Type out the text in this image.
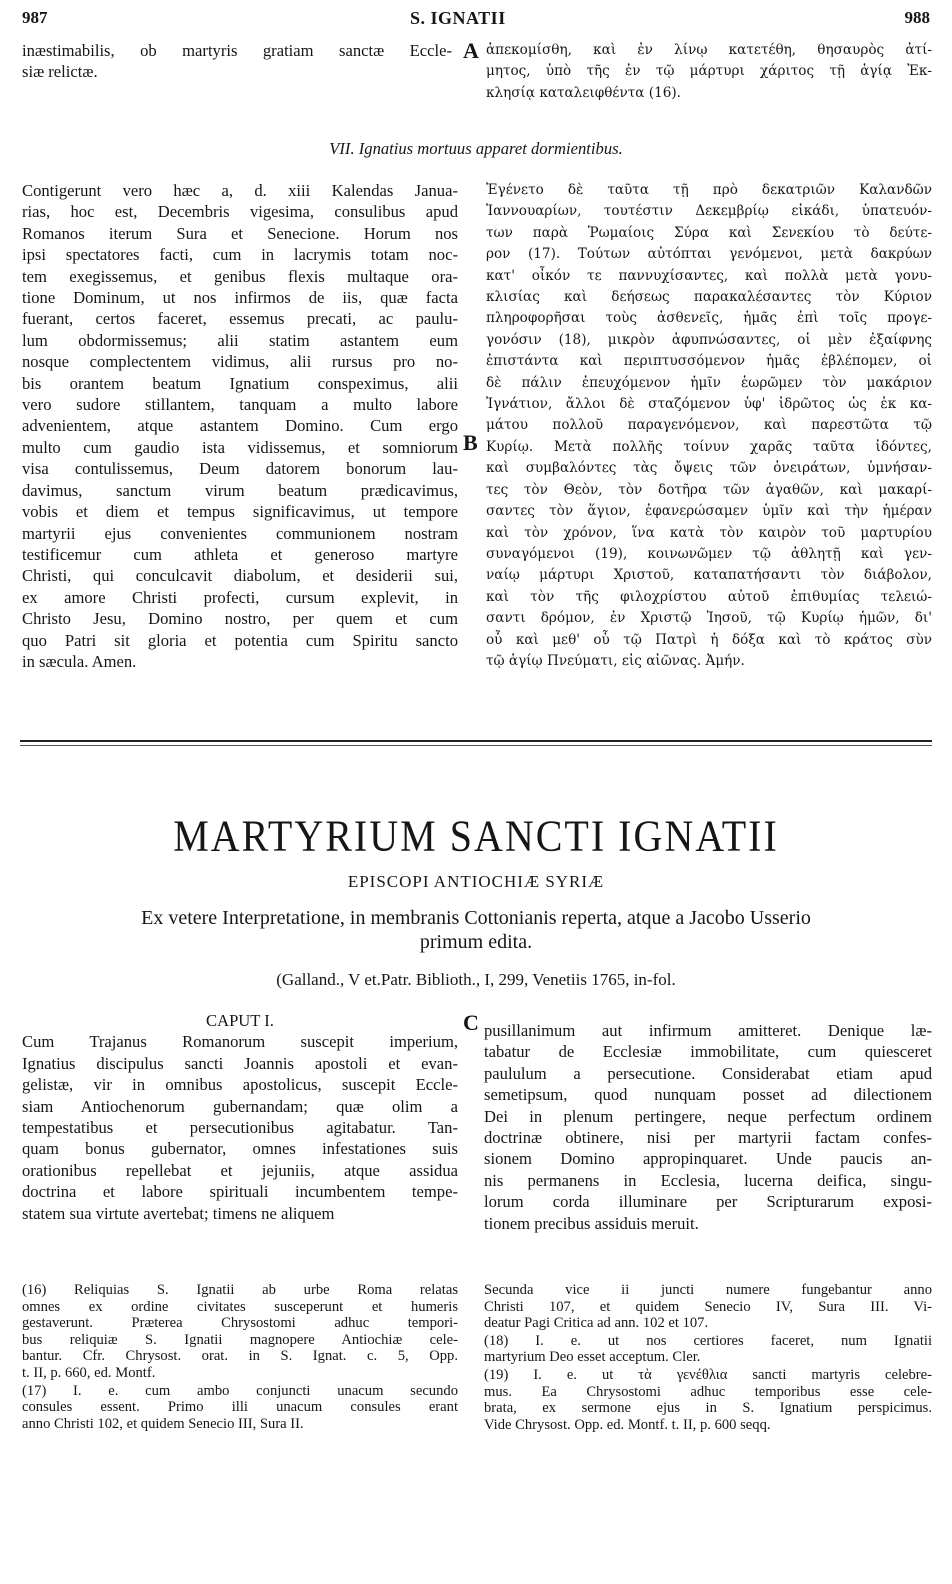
987	S. IGNATII	988
inæstimabilis, ob martyris gratiam sanctæ Eccle-
siæ relictæ.
A ἀπεκομίσθη, καὶ ἐν λίνῳ κατετέθη, θησαυρὸς ἀτί-
μητος, ὑπὸ τῆς ἐν τῷ μάρτυρι χάριτος τῇ ἁγίᾳ Ἐκ-
κλησίᾳ καταλειφθέντα (16).
VII. Ignatius mortuus apparet dormientibus.
Contigerunt vero hæc a, d. xiii Kalendas Janua-
rias, hoc est, Decembris vigesima, consulibus apud
Romanos iterum Sura et Senecione. Horum nos
ipsi spectatores facti, cum in lacrymis totam noc-
tem exegissemus, et genibus flexis multaque ora-
tione Dominum, ut nos infirmos de iis, quæ facta
fuerant, certos faceret, essemus precati, ac paulu-
lum obdormissemus; alii statim astantem eum
nosque complectentem vidimus, alii rursus pro no-
bis orantem beatum Ignatium conspeximus, alii
vero sudore stillantem, tanquam a multo labore
advenientem, atque astantem Domino. Cum ergo
multo cum gaudio ista vidissemus, et somniorum
visa contulissemus, Deum datorem bonorum lau-
davimus, sanctum virum beatum prædicavimus,
vobis et diem et tempus significavimus, ut tempore
martyrii ejus convenientes communionem nostram
testificemur cum athleta et generoso martyre
Christi, qui conculcavit diabolum, et desiderii sui,
ex amore Christi profecti, cursum explevit, in
Christo Jesu, Domino nostro, per quem et cum
quo Patri sit gloria et potentia cum Spiritu sancto
in sæcula. Amen.
B
Ἐγένετο δὲ ταῦτα τῇ πρὸ δεκατριῶν Καλανδῶν
Ἰαννουαρίων, τουτέστιν Δεκεμβρίῳ εἰκάδι, ὑπατευόν-
των παρὰ Ῥωμαίοις Σύρα καὶ Σενεκίου τὸ δεύτε-
ρον (17). Τούτων αὐτόπται γενόμενοι, μετὰ δακρύων
κατ' οἶκόν τε παννυχίσαντες, καὶ πολλὰ μετὰ γονυ-
κλισίας καὶ δεήσεως παρακαλέσαντες τὸν Κύριον
πληροφορῆσαι τοὺς ἀσθενεῖς, ἡμᾶς ἐπὶ τοῖς προγε-
γονόσιν (18), μικρὸν ἀφυπνώσαντες, οἱ μὲν ἐξαίφνης
ἐπιστάντα καὶ περιπτυσσόμενον ἡμᾶς ἐβλέπομεν, οἱ
δὲ πάλιν ἐπευχόμενον ἡμῖν ἑωρῶμεν τὸν μακάριον
Ἰγνάτιον, ἄλλοι δὲ σταζόμενον ὑφ' ἱδρῶτος ὡς ἐκ κα-
μάτου πολλοῦ παραγενόμενον, καὶ παρεστῶτα τῷ
Κυρίῳ. Μετὰ πολλῆς τοίνυν χαρᾶς ταῦτα ἰδόντες,
καὶ συμβαλόντες τὰς ὄψεις τῶν ὀνειράτων, ὑμνήσαν-
τες τὸν Θεὸν, τὸν δοτῆρα τῶν ἀγαθῶν, καὶ μακαρί-
σαντες τὸν ἅγιον, ἐφανερώσαμεν ὑμῖν καὶ τὴν ἡμέραν
καὶ τὸν χρόνον, ἵνα κατὰ τὸν καιρὸν τοῦ μαρτυρίου
συναγόμενοι (19), κοινωνῶμεν τῷ ἀθλητῇ καὶ γεν-
ναίῳ μάρτυρι Χριστοῦ, καταπατήσαντι τὸν διάβολον,
καὶ τὸν τῆς φιλοχρίστου αὐτοῦ ἐπιθυμίας τελειώ-
σαντι δρόμον, ἐν Χριστῷ Ἰησοῦ, τῷ Κυρίῳ ἡμῶν, δι'
οὗ καὶ μεθ' οὗ τῷ Πατρὶ ἡ δόξα καὶ τὸ κράτος σὺν
τῷ ἁγίῳ Πνεύματι, εἰς αἰῶνας. Ἀμήν.
MARTYRIUM SANCTI IGNATII
EPISCOPI ANTIOCHIÆ SYRIÆ
Ex vetere Interpretatione, in membranis Cottonianis reperta, atque a Jacobo Usserio
primum edita.
(Galland., V et.Patr. Biblioth., I, 299, Venetiis 1765, in-fol.
CAPUT I.
Cum Trajanus Romanorum suscepit imperium,
Ignatius discipulus sancti Joannis apostoli et evan-
gelistæ, vir in omnibus apostolicus, suscepit Eccle-
siam Antiochenorum gubernandam; quæ olim a
tempestatibus et persecutionibus agitabatur. Tan-
quam bonus gubernator, omnes infestationes suis
orationibus repellebat et jejuniis, atque assidua
doctrina et labore spirituali incumbentem tempe-
statem sua virtute avertebat; timens ne aliquem
C pusillanimum aut infirmum amitteret. Denique læ-
tabatur de Ecclesiæ immobilitate, cum quiesceret
paululum a persecutione. Considerabat etiam apud
semetipsum, quod nunquam posset ad dilectionem
Dei in plenum pertingere, neque perfectum ordinem
doctrinæ obtinere, nisi per martyrii factam confes-
sionem Domino appropinquaret. Unde paucis an-
nis permanens in Ecclesia, lucerna deifica, singu-
lorum corda illuminare per Scripturarum exposi-
tionem precibus assiduis meruit.
(16) Reliquias S. Ignatii ab urbe Roma relatas
omnes ex ordine civitates susceperunt et humeris
gestaverunt. Præterea Chrysostomi adhuc tempori-
bus reliquiæ S. Ignatii magnopere Antiochiæ cele-
bantur. Cfr. Chrysost. orat. in S. Ignat. c. 5, Opp.
t. II, p. 660, ed. Montf.
(17) I. e. cum ambo conjuncti unacum secundo
consules essent. Primo illi unacum consules erant
anno Christi 102, et quidem Senecio III, Sura II.
Secunda vice ii juncti numere fungebantur anno
Christi 107, et quidem Senecio IV, Sura III. Vi-
deatur Pagi Critica ad ann. 102 et 107.
(18) I. e. ut nos certiores faceret, num Ignatii
martyrium Deo esset acceptum. Cler.
(19) I. e. ut τὰ γενέθλια sancti martyris celebre-
mus. Ea Chrysostomi adhuc temporibus esse cele-
brata, ex sermone ejus in S. Ignatium perspicimus.
Vide Chrysost. Opp. ed. Montf. t. II, p. 600 seqq.
